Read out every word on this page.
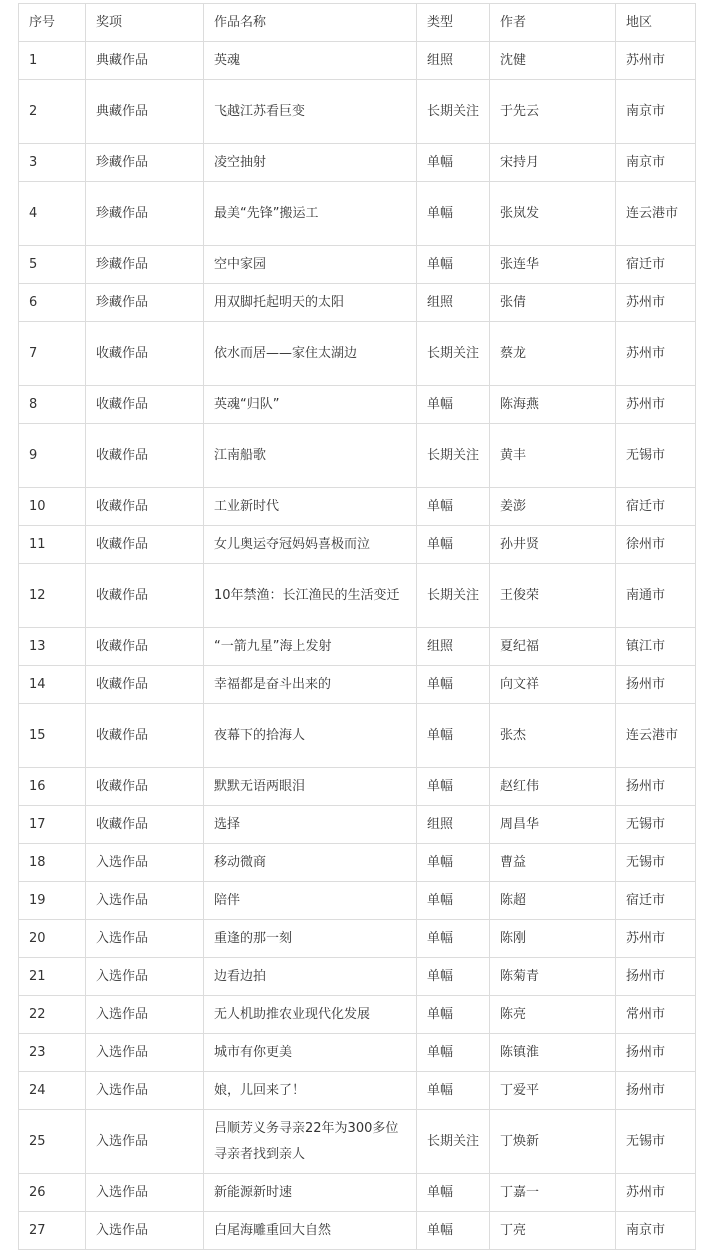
序号	奖项	作品名称	类型	作者	地区
1	典藏作品	英魂	组照	沈健	苏州市
2	典藏作品	飞越江苏看巨变	长期关注	于先云	南京市
3	珍藏作品	凌空抽射	单幅	宋持月	南京市
4	珍藏作品	最美“先锋”搬运工	单幅	张岚发	连云港市
5	珍藏作品	空中家园	单幅	张连华	宿迁市
6	珍藏作品	用双脚托起明天的太阳	组照	张倩	苏州市
7	收藏作品	依水而居——家住太湖边	长期关注	蔡龙	苏州市
8	收藏作品	英魂“归队”	单幅	陈海燕	苏州市
9	收藏作品	江南船歌	长期关注	黄丰	无锡市
10	收藏作品	工业新时代	单幅	姜澎	宿迁市
11	收藏作品	女儿奥运夺冠妈妈喜极而泣	单幅	孙井贤	徐州市
12	收藏作品	10年禁渔：长江渔民的生活变迁	长期关注	王俊荣	南通市
13	收藏作品	“一箭九星”海上发射	组照	夏纪福	镇江市
14	收藏作品	幸福都是奋斗出来的	单幅	向文祥	扬州市
15	收藏作品	夜幕下的拾海人	单幅	张杰	连云港市
16	收藏作品	默默无语两眼泪	单幅	赵红伟	扬州市
17	收藏作品	选择	组照	周昌华	无锡市
18	入选作品	移动微商	单幅	曹益	无锡市
19	入选作品	陪伴	单幅	陈超	宿迁市
20	入选作品	重逢的那一刻	单幅	陈刚	苏州市
21	入选作品	边看边拍	单幅	陈菊青	扬州市
22	入选作品	无人机助推农业现代化发展	单幅	陈亮	常州市
23	入选作品	城市有你更美	单幅	陈镇淮	扬州市
24	入选作品	娘，儿回来了！	单幅	丁爱平	扬州市
25	入选作品	吕顺芳义务寻亲22年为300多位寻亲者找到亲人	长期关注	丁焕新	无锡市
26	入选作品	新能源新时速	单幅	丁嘉一	苏州市
27	入选作品	白尾海雕重回大自然	单幅	丁亮	南京市
